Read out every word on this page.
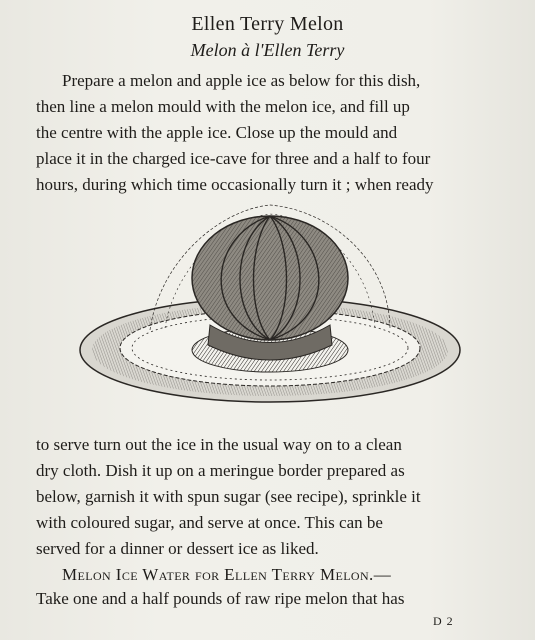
Ellen Terry Melon
Melon à l'Ellen Terry
Prepare a melon and apple ice as below for this dish,
then line a melon mould with the melon ice, and fill up
the centre with the apple ice. Close up the mould and
place it in the charged ice-cave for three and a half to four
hours, during which time occasionally turn it ; when ready
to serve turn out the ice in the usual way on to a clean
dry cloth. Dish it up on a meringue border prepared as
below, garnish it with spun sugar (see recipe), sprinkle it
with coloured sugar, and serve at once. This can be
served for a dinner or dessert ice as liked.
Melon Ice Water for Ellen Terry Melon.—
Take one and a half pounds of raw ripe melon that has
D 2
